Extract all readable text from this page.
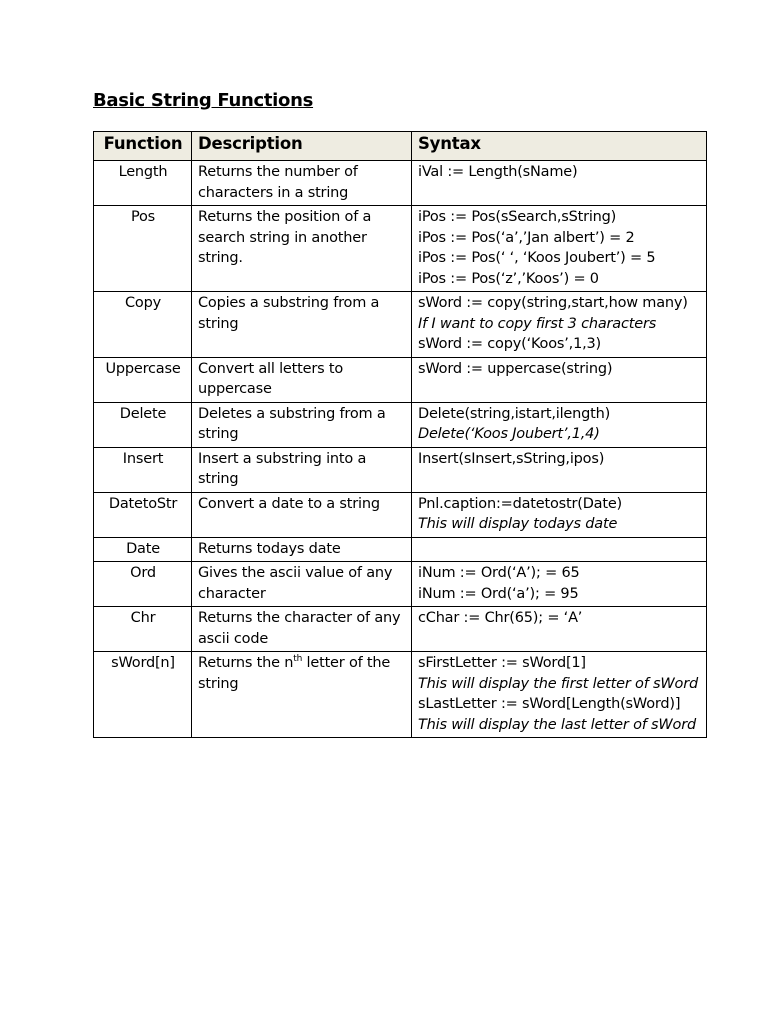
Basic String Functions
Function	Description	Syntax
Length	Returns the number of characters in a string	iVal := Length(sName)

Pos	Returns the position of a search string in another string.	iPos := Pos(sSearch,sString)
iPos := Pos(‘a’,’Jan albert’) = 2
iPos := Pos(‘ ‘, ‘Koos Joubert’) = 5
iPos := Pos(‘z’,’Koos’) = 0

Copy	Copies a substring from a string	sWord := copy(string,start,how many)
If I want to copy first 3 characters
sWord := copy(‘Koos’,1,3)

Uppercase	Convert all letters to uppercase	sWord := uppercase(string)

Delete	Deletes a substring from a string	Delete(string,istart,ilength)
Delete(‘Koos Joubert’,1,4)

Insert	Insert a substring into a string	Insert(sInsert,sString,ipos)

DatetoStr	Convert a date to a string	Pnl.caption:=datetostr(Date)
This will display todays date

Date	Returns todays date	
Ord	Gives the ascii value of any character	iNum := Ord(‘A’); = 65
iNum := Ord(‘a’); = 95

Chr	Returns the character of any ascii code	cChar := Chr(65); = ‘A’

sWord[n]	Returns the $n^{th}$ letter of the string	sFirstLetter := sWord[1]
This will display the first letter of sWord
sLastLetter := sWord[Length(sWord)]
This will display the last letter of sWord
